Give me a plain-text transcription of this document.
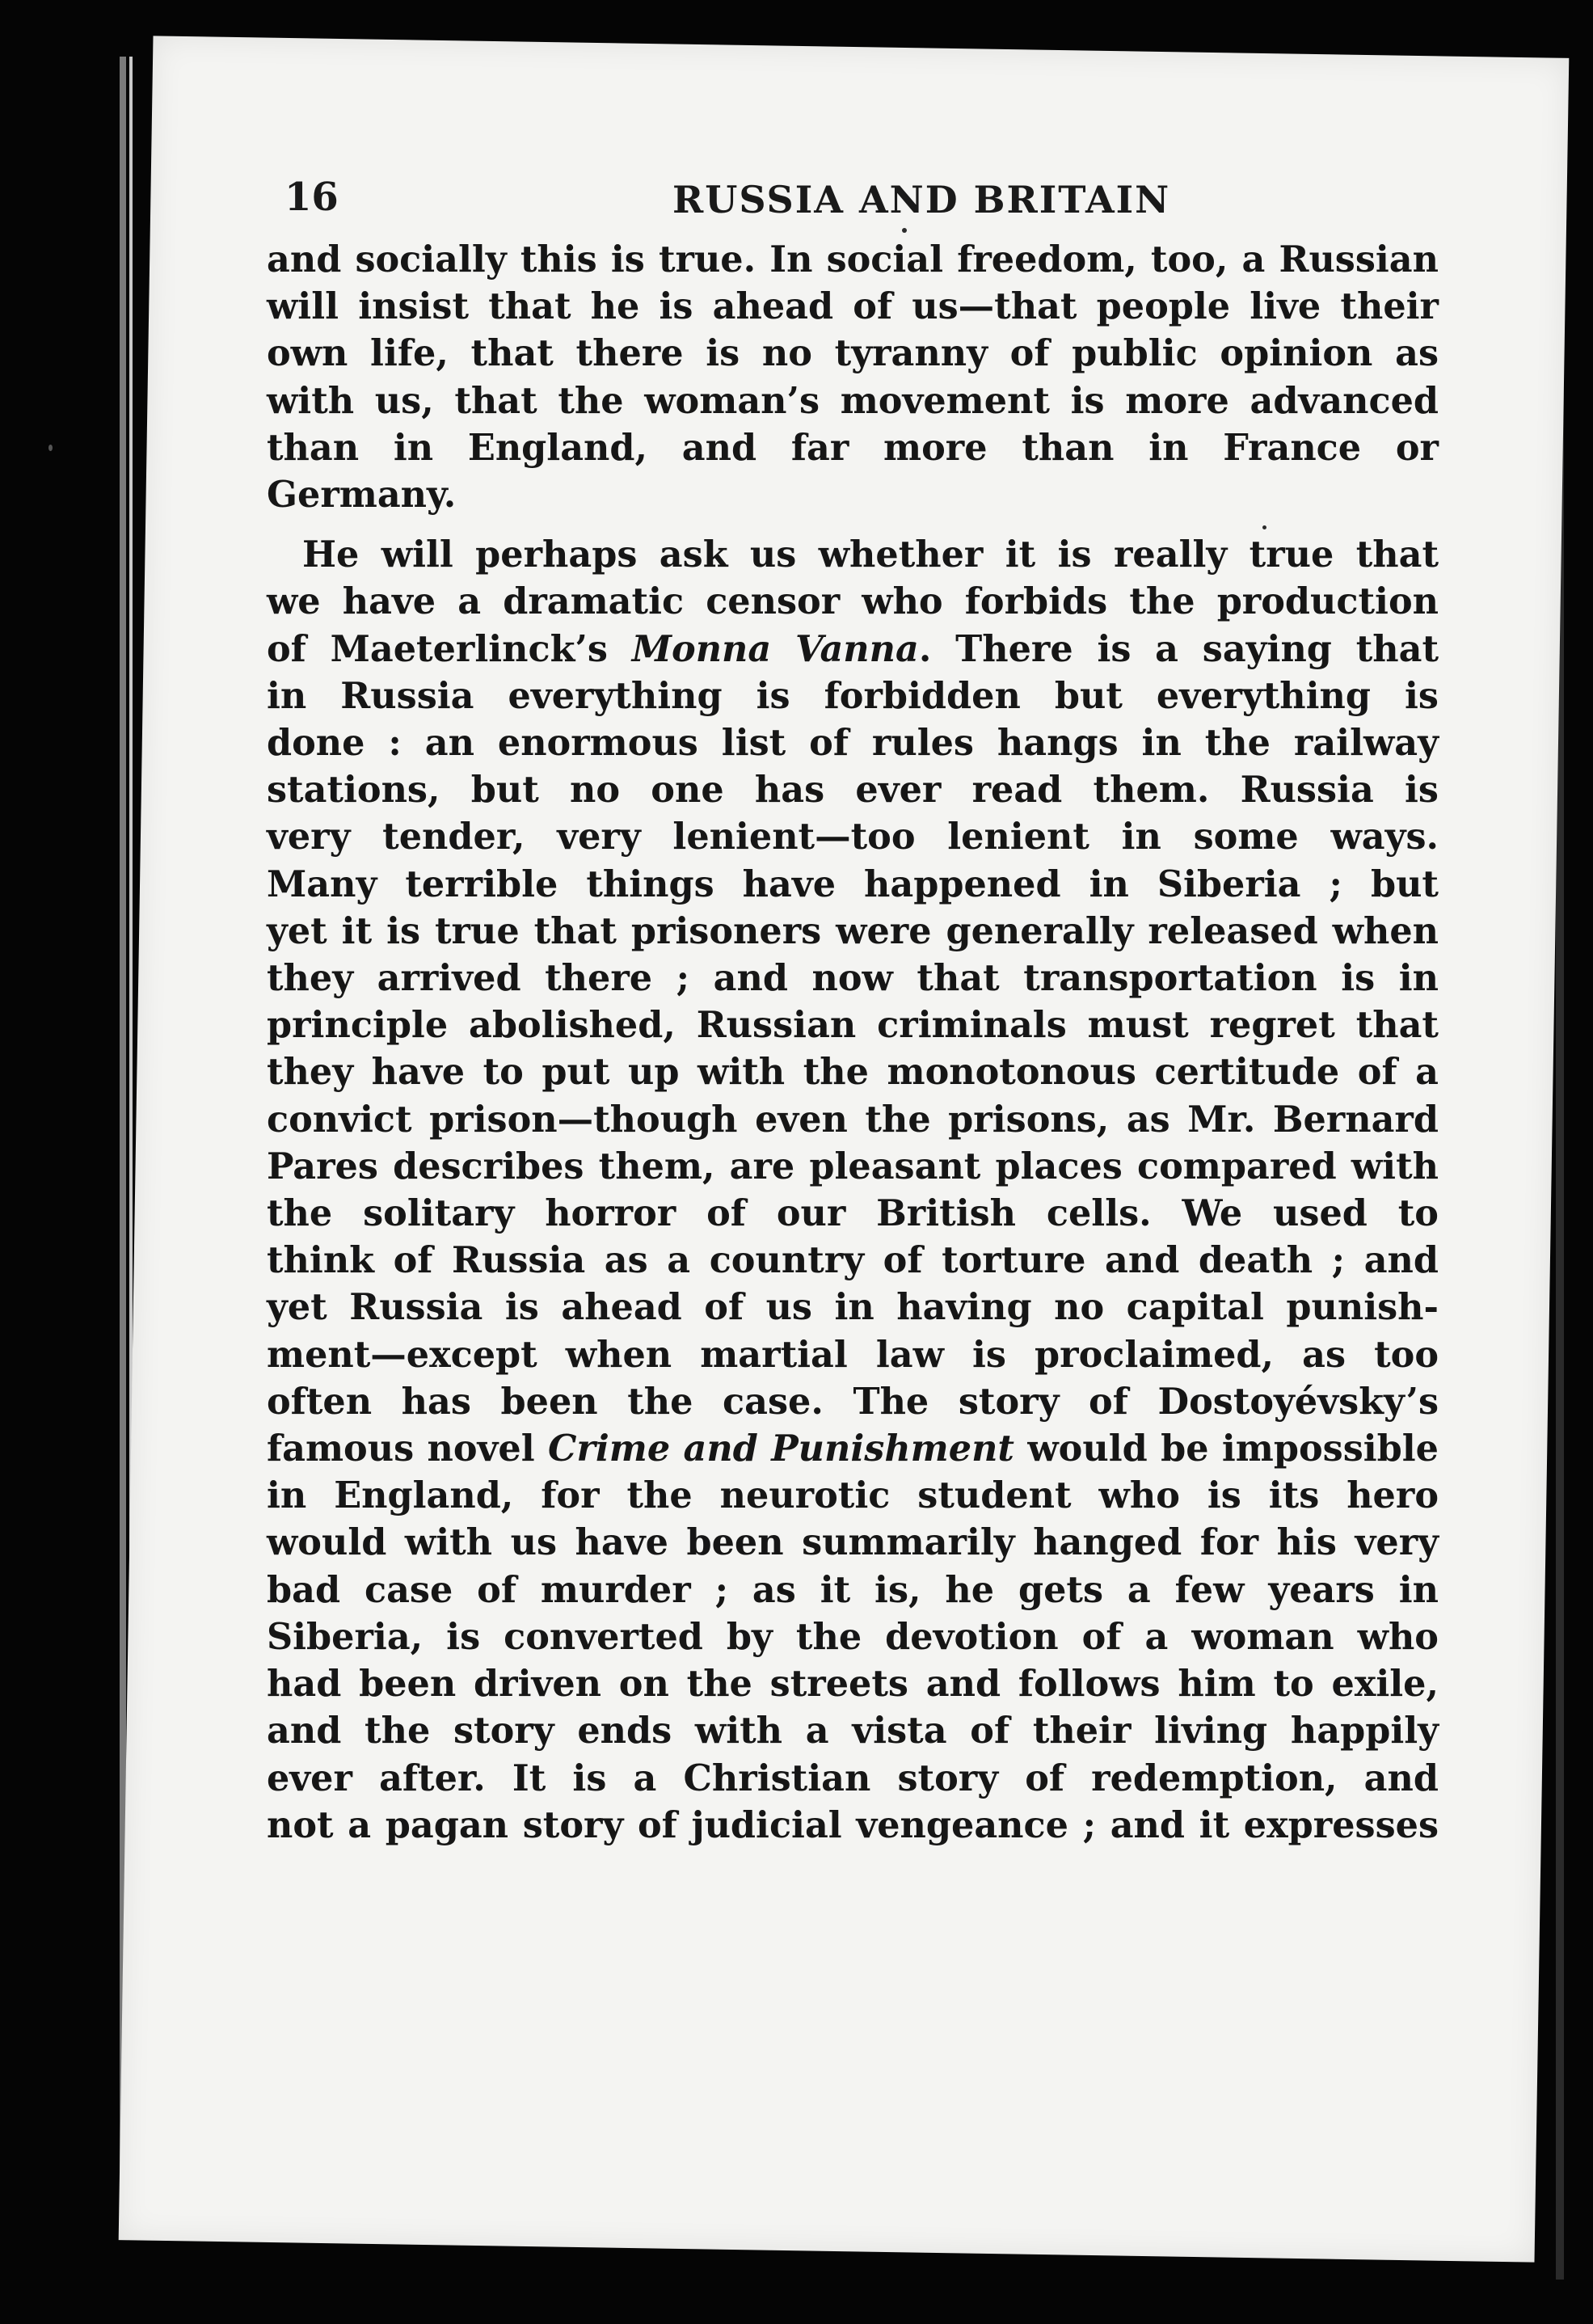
16	RUSSIA AND BRITAIN
and socially this is true. In social freedom, too, a Russian
will insist that he is ahead of us—that people live their
own life, that there is no tyranny of public opinion as
with us, that the woman’s movement is more advanced
than in England, and far more than in France or
Germany.
He will perhaps ask us whether it is really true that
we have a dramatic censor who forbids the production
of Maeterlinck’s Monna Vanna. There is a saying that
in Russia everything is forbidden but everything is
done : an enormous list of rules hangs in the railway
stations, but no one has ever read them. Russia is
very tender, very lenient—too lenient in some ways.
Many terrible things have happened in Siberia ; but
yet it is true that prisoners were generally released when
they arrived there ; and now that transportation is in
principle abolished, Russian criminals must regret that
they have to put up with the monotonous certitude of a
convict prison—though even the prisons, as Mr. Bernard
Pares describes them, are pleasant places compared with
the solitary horror of our British cells. We used to
think of Russia as a country of torture and death ; and
yet Russia is ahead of us in having no capital punish-
ment—except when martial law is proclaimed, as too
often has been the case. The story of Dostoyévsky’s
famous novel Crime and Punishment would be impossible
in England, for the neurotic student who is its hero
would with us have been summarily hanged for his very
bad case of murder ; as it is, he gets a few years in
Siberia, is converted by the devotion of a woman who
had been driven on the streets and follows him to exile,
and the story ends with a vista of their living happily
ever after. It is a Christian story of redemption, and
not a pagan story of judicial vengeance ; and it expresses
